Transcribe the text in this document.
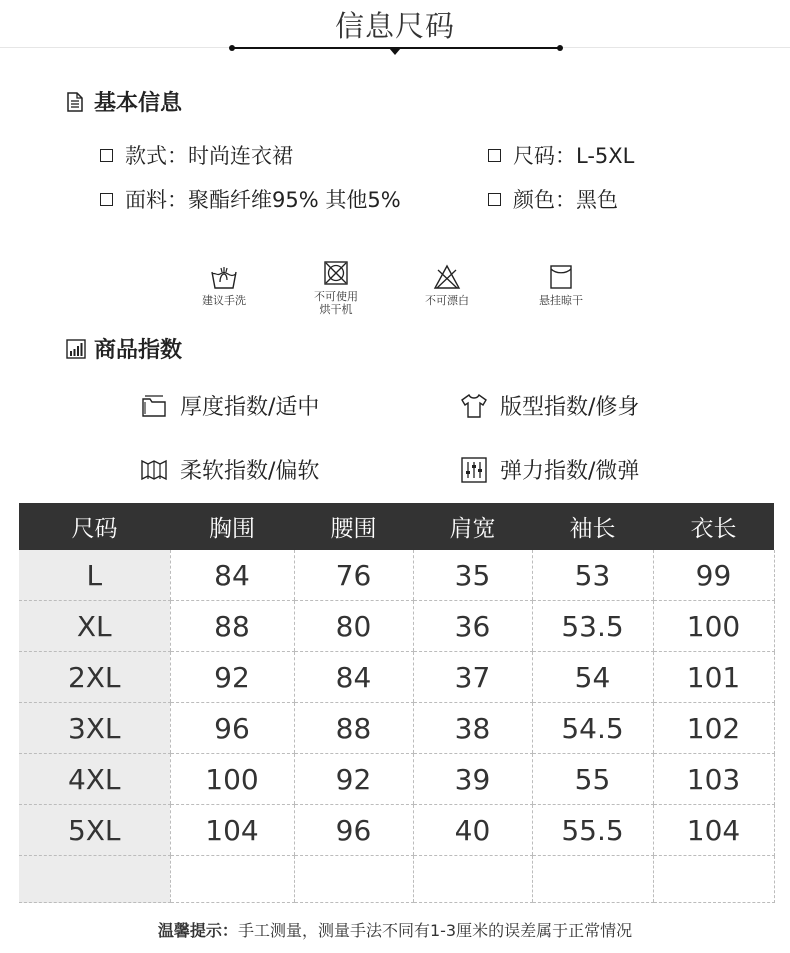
信息尺码
基本信息
款式：时尚连衣裙	尺码：L-5XL
面料：聚酯纤维95% 其他5%	颜色：黑色
建议手洗	不可使用
烘干机
不可漂白	悬挂晾干
商品指数
厚度指数/适中	版型指数/修身
柔软指数/偏软	弹力指数/微弹
尺码	胸围	腰围	肩宽	袖长	衣长
L	84	76	35	53	99
XL	88	80	36	53.5	100
2XL	92	84	37	54	101
3XL	96	88	38	54.5	102
4XL	100	92	39	55	103
5XL	104	96	40	55.5	104

温馨提示：手工测量，测量手法不同有1-3厘米的误差属于正常情况
